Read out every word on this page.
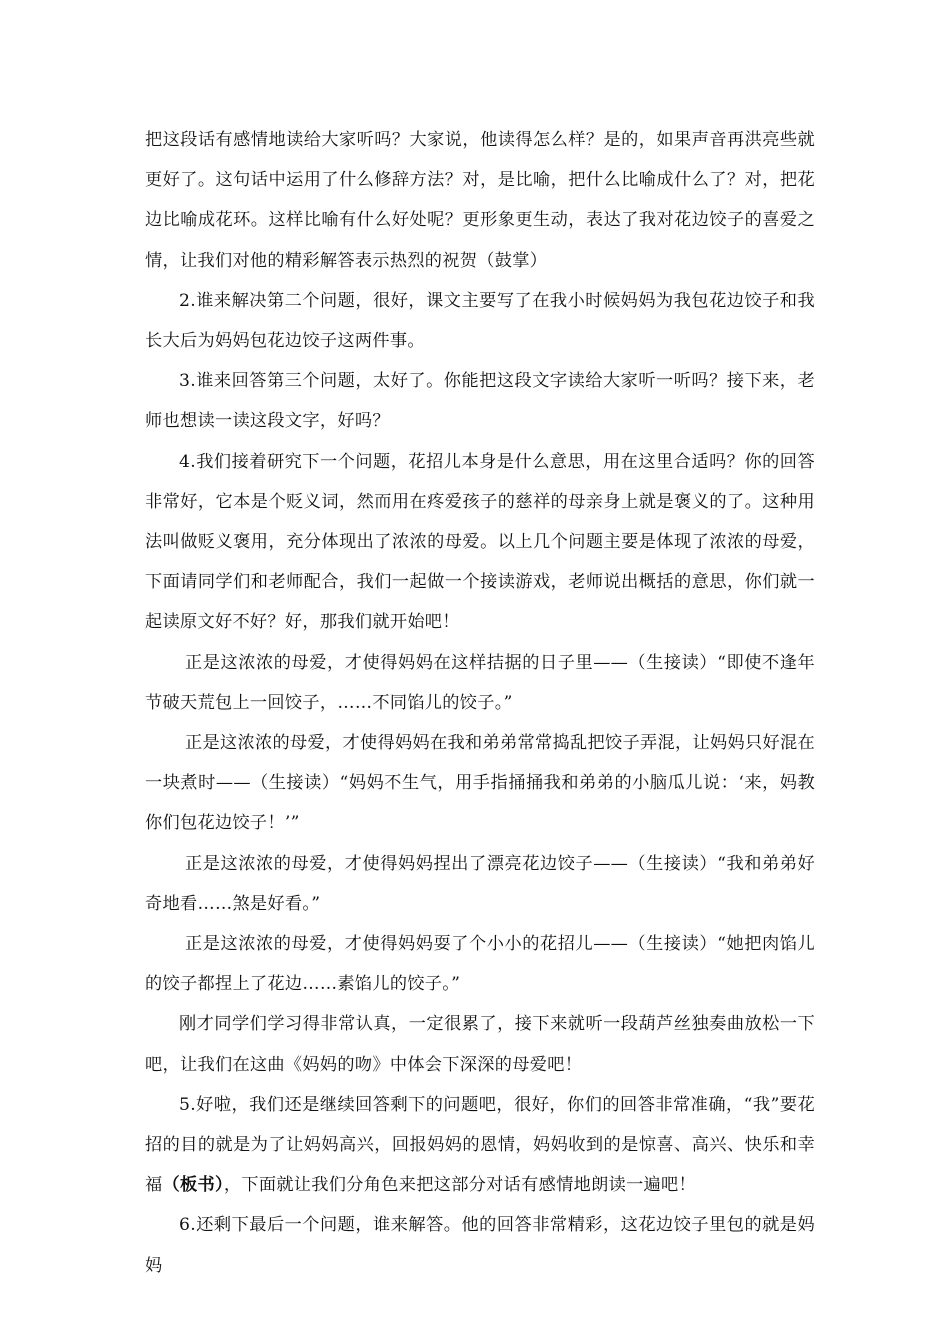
把这段话有感情地读给大家听吗？大家说，他读得怎么样？是的，如果声音再洪亮些就更好了。这句话中运用了什么修辞方法？对，是比喻，把什么比喻成什么了？对，把花边比喻成花环。这样比喻有什么好处呢？更形象更生动，表达了我对花边饺子的喜爱之情，让我们对他的精彩解答表示热烈的祝贺（鼓掌）

2.谁来解决第二个问题，很好，课文主要写了在我小时候妈妈为我包花边饺子和我长大后为妈妈包花边饺子这两件事。

3.谁来回答第三个问题，太好了。你能把这段文字读给大家听一听吗？接下来，老师也想读一读这段文字，好吗？

4.我们接着研究下一个问题，花招儿本身是什么意思，用在这里合适吗？你的回答非常好，它本是个贬义词，然而用在疼爱孩子的慈祥的母亲身上就是褒义的了。这种用法叫做贬义褒用，充分体现出了浓浓的母爱。以上几个问题主要是体现了浓浓的母爱，下面请同学们和老师配合，我们一起做一个接读游戏，老师说出概括的意思，你们就一起读原文好不好？好，那我们就开始吧！

正是这浓浓的母爱，才使得妈妈在这样拮据的日子里——（生接读）“即使不逢年节破天荒包上一回饺子，……不同馅儿的饺子。”

正是这浓浓的母爱，才使得妈妈在我和弟弟常常捣乱把饺子弄混，让妈妈只好混在一块煮时——（生接读）“妈妈不生气，用手指捅捅我和弟弟的小脑瓜儿说：‘来，妈教你们包花边饺子！’”

正是这浓浓的母爱，才使得妈妈捏出了漂亮花边饺子——（生接读）“我和弟弟好奇地看……煞是好看。”

正是这浓浓的母爱，才使得妈妈耍了个小小的花招儿——（生接读）“她把肉馅儿的饺子都捏上了花边……素馅儿的饺子。”

刚才同学们学习得非常认真，一定很累了，接下来就听一段葫芦丝独奏曲放松一下吧，让我们在这曲《妈妈的吻》中体会下深深的母爱吧！

5.好啦，我们还是继续回答剩下的问题吧，很好，你们的回答非常准确，“我”要花招的目的就是为了让妈妈高兴，回报妈妈的恩情，妈妈收到的是惊喜、高兴、快乐和幸福（板书），下面就让我们分角色来把这部分对话有感情地朗读一遍吧！

6.还剩下最后一个问题，谁来解答。他的回答非常精彩，这花边饺子里包的就是妈妈
